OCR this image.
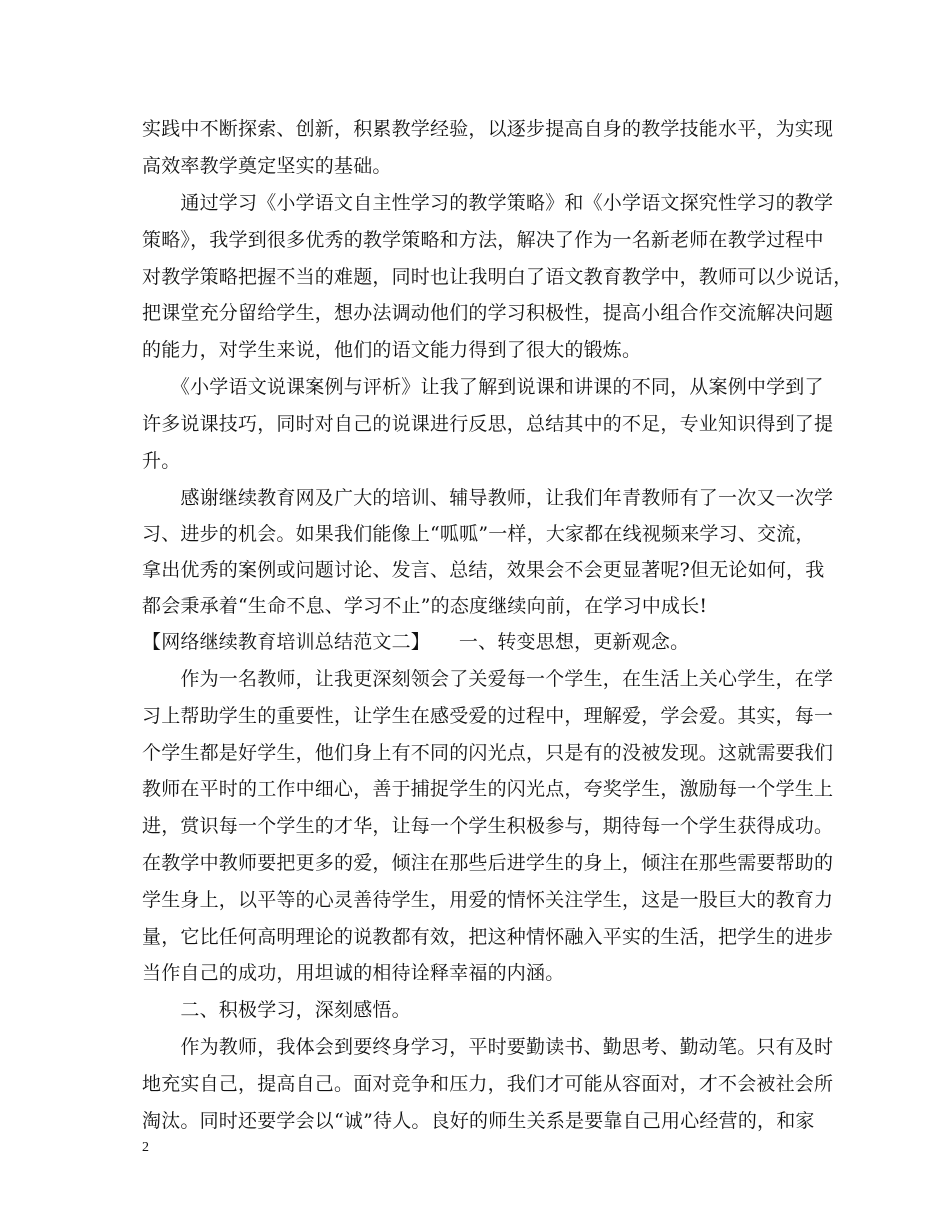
实践中不断探索、创新，积累教学经验，以逐步提高自身的教学技能水平，为实现
高效率教学奠定坚实的基础。
　　通过学习《小学语文自主性学习的教学策略》和《小学语文探究性学习的教学
策略》，我学到很多优秀的教学策略和方法，解决了作为一名新老师在教学过程中
对教学策略把握不当的难题，同时也让我明白了语文教育教学中，教师可以少说话，
把课堂充分留给学生，想办法调动他们的学习积极性，提高小组合作交流解决问题
的能力，对学生来说，他们的语文能力得到了很大的锻炼。
　　《小学语文说课案例与评析》让我了解到说课和讲课的不同，从案例中学到了
许多说课技巧，同时对自己的说课进行反思，总结其中的不足，专业知识得到了提
升。
　　感谢继续教育网及广大的培训、辅导教师，让我们年青教师有了一次又一次学
习、进步的机会。如果我们能像上“呱呱”一样，大家都在线视频来学习、交流，
拿出优秀的案例或问题讨论、发言、总结，效果会不会更显著呢?但无论如何，我
都会秉承着“生命不息、学习不止”的态度继续向前，在学习中成长!
【网络继续教育培训总结范文二】　　一、转变思想，更新观念。
　　作为一名教师，让我更深刻领会了关爱每一个学生，在生活上关心学生，在学
习上帮助学生的重要性，让学生在感受爱的过程中，理解爱，学会爱。其实，每一
个学生都是好学生，他们身上有不同的闪光点，只是有的没被发现。这就需要我们
教师在平时的工作中细心，善于捕捉学生的闪光点，夸奖学生，激励每一个学生上
进，赏识每一个学生的才华，让每一个学生积极参与，期待每一个学生获得成功。
在教学中教师要把更多的爱，倾注在那些后进学生的身上，倾注在那些需要帮助的
学生身上，以平等的心灵善待学生，用爱的情怀关注学生，这是一股巨大的教育力
量，它比任何高明理论的说教都有效，把这种情怀融入平实的生活，把学生的进步
当作自己的成功，用坦诚的相待诠释幸福的内涵。
　　二、积极学习，深刻感悟。
　　作为教师，我体会到要终身学习，平时要勤读书、勤思考、勤动笔。只有及时
地充实自己，提高自己。面对竞争和压力，我们才可能从容面对，才不会被社会所
淘汰。同时还要学会以“诚”待人。良好的师生关系是要靠自己用心经营的，和家
2
